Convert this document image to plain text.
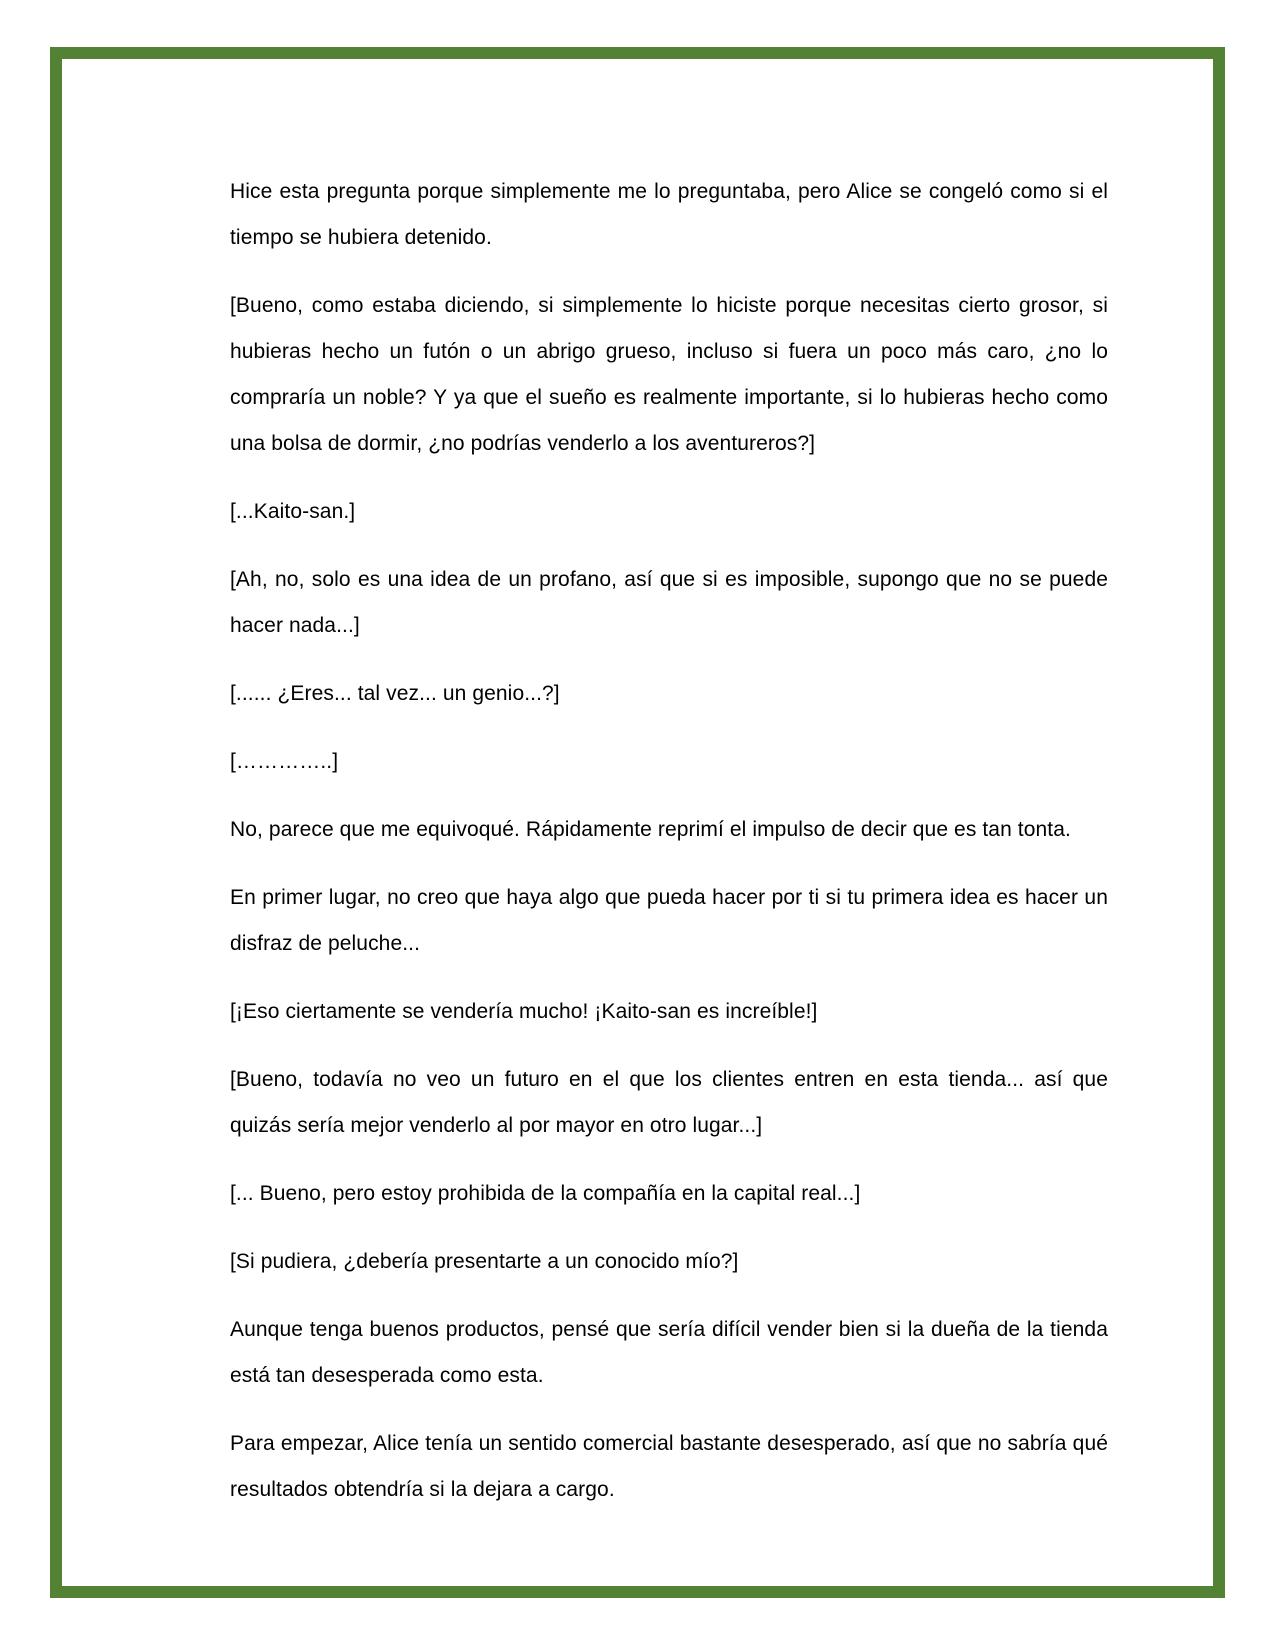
Hice esta pregunta porque simplemente me lo preguntaba, pero Alice se congeló como si el tiempo se hubiera detenido.

[Bueno, como estaba diciendo, si simplemente lo hiciste porque necesitas cierto grosor, si hubieras hecho un futón o un abrigo grueso, incluso si fuera un poco más caro, ¿no lo compraría un noble? Y ya que el sueño es realmente importante, si lo hubieras hecho como una bolsa de dormir, ¿no podrías venderlo a los aventureros?]

[...Kaito-san.]

[Ah, no, solo es una idea de un profano, así que si es imposible, supongo que no se puede hacer nada...]

[...... ¿Eres... tal vez... un genio...?]

[…………..]

No, parece que me equivoqué. Rápidamente reprimí el impulso de decir que es tan tonta.

En primer lugar, no creo que haya algo que pueda hacer por ti si tu primera idea es hacer un disfraz de peluche...

[¡Eso ciertamente se vendería mucho! ¡Kaito-san es increíble!]

[Bueno, todavía no veo un futuro en el que los clientes entren en esta tienda... así que quizás sería mejor venderlo al por mayor en otro lugar...]

[... Bueno, pero estoy prohibida de la compañía en la capital real...]

[Si pudiera, ¿debería presentarte a un conocido mío?]

Aunque tenga buenos productos, pensé que sería difícil vender bien si la dueña de la tienda está tan desesperada como esta.

Para empezar, Alice tenía un sentido comercial bastante desesperado, así que no sabría qué resultados obtendría si la dejara a cargo.
